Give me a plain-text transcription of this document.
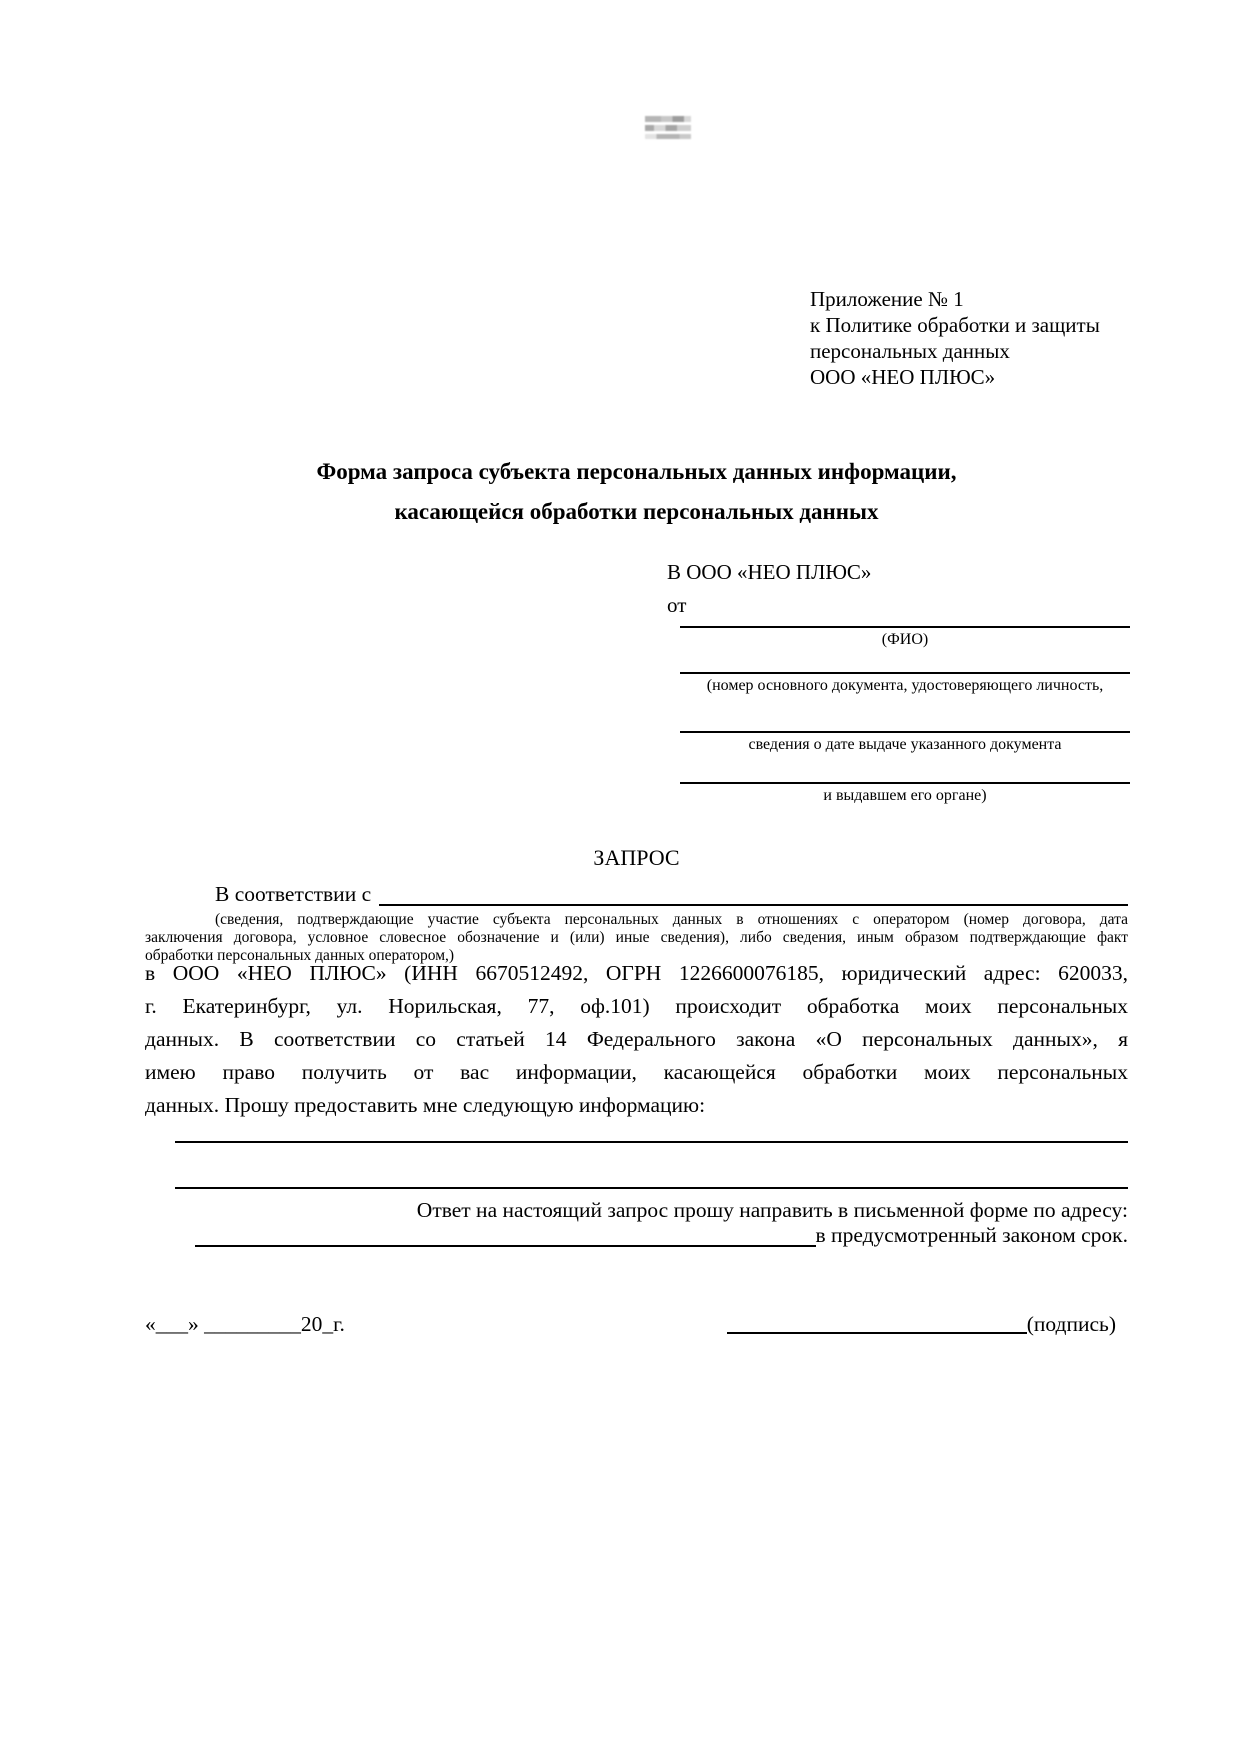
Приложение № 1
к Политике обработки и защиты
персональных данных
ООО «НЕО ПЛЮС»
Форма запроса субъекта персональных данных информации,
касающейся обработки персональных данных
В ООО «НЕО ПЛЮС»
от
(ФИО)
(номер основного документа, удостоверяющего личность,
сведения о дате выдаче указанного документа
и выдавшем его органе)
ЗАПРОС
В соответствии с
(сведения, подтверждающие участие субъекта персональных данных в отношениях с оператором (номер договора, дата
заключения договора, условное словесное обозначение и (или) иные сведения), либо сведения, иным образом подтверждающие факт
обработки персональных данных оператором,)
в ООО «НЕО ПЛЮС» (ИНН 6670512492, ОГРН 1226600076185, юридический адрес: 620033,
г. Екатеринбург, ул. Норильская, 77, оф.101) происходит обработка моих персональных
данных. В соответствии со статьей 14 Федерального закона «О персональных данных», я
имею право получить от вас информации, касающейся обработки моих персональных
данных. Прошу предоставить мне следующую информацию:
Ответ на настоящий запрос прошу направить в письменной форме по адресу:
в предусмотренный законом срок.
«___» _________20_г.	(подпись)
